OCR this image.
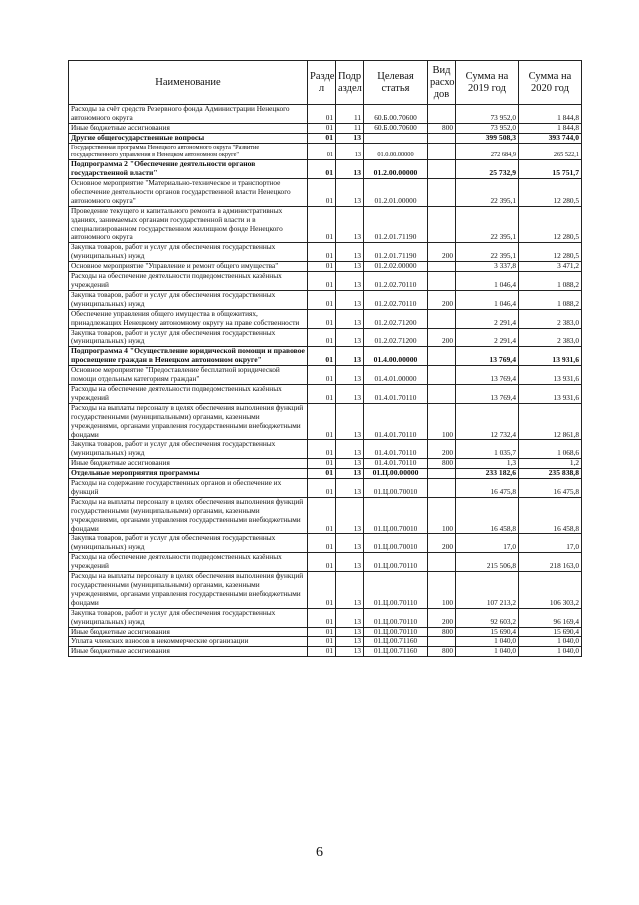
Наименование	Разде л	Подр аздел	Целевая статья	Вид расхо дов	Сумма на 2019 год	Сумма на 2020 год
Расходы за счёт средств Резервного фонда Администрации Ненецкого автономного округа	01	11	60.Б.00.70600		73 952,0	1 844,8
Иные бюджетные ассигнования	01	11	60.Б.00.70600	800	73 952,0	1 844,8
Другие общегосударственные вопросы	01	13			399 508,3	393 744,0
Государственная программа Ненецкого автономного округа "Развитие государственного управления в Ненецком автономном округе"	01	13	01.0.00.00000		272 684,9	265 522,1
Подпрограмма 2 "Обеспечение деятельности органов государственной власти"	01	13	01.2.00.00000		25 732,9	15 751,7
Основное мероприятие "Материально-техническое и транспортное обеспечение деятельности органов государственной власти Ненецкого автономного округа"	01	13	01.2.01.00000		22 395,1	12 280,5
Проведение текущего и капитального ремонта в административных зданиях, занимаемых органами государственной власти и в специализированном государственном жилищном фонде Ненецкого автономного округа	01	13	01.2.01.71190		22 395,1	12 280,5
Закупка товаров, работ и услуг для обеспечения государственных (муниципальных) нужд	01	13	01.2.01.71190	200	22 395,1	12 280,5
Основное мероприятие "Управление и ремонт общего имущества"	01	13	01.2.02.00000		3 337,8	3 471,2
Расходы на обеспечение деятельности подведомственных казённых учреждений	01	13	01.2.02.70110		1 046,4	1 088,2
Закупка товаров, работ и услуг для обеспечения государственных (муниципальных) нужд	01	13	01.2.02.70110	200	1 046,4	1 088,2
Обеспечение управления общего имущества в общежитиях, принадлежащих Ненецкому автономному округу на праве собственности	01	13	01.2.02.71200		2 291,4	2 383,0
Закупка товаров, работ и услуг для обеспечения государственных (муниципальных) нужд	01	13	01.2.02.71200	200	2 291,4	2 383,0
Подпрограмма 4 "Осуществление юридической помощи и правовое просвещение граждан в Ненецком автономном округе"	01	13	01.4.00.00000		13 769,4	13 931,6
Основное мероприятие "Предоставление бесплатной юридической помощи отдельным категориям граждан"	01	13	01.4.01.00000		13 769,4	13 931,6
Расходы на обеспечение деятельности подведомственных казённых учреждений	01	13	01.4.01.70110		13 769,4	13 931,6
Расходы на выплаты персоналу в целях обеспечения выполнения функций государственными (муниципальными) органами, казенными учреждениями, органами управления государственными внебюджетными фондами	01	13	01.4.01.70110	100	12 732,4	12 861,8
Закупка товаров, работ и услуг для обеспечения государственных (муниципальных) нужд	01	13	01.4.01.70110	200	1 035,7	1 068,6
Иные бюджетные ассигнования	01	13	01.4.01.70110	800	1,3	1,2
Отдельные мероприятия программы	01	13	01.Ц.00.00000		233 182,6	235 838,8
Расходы на содержание государственных органов и обеспечение их функций	01	13	01.Ц.00.70010		16 475,8	16 475,8
Расходы на выплаты персоналу в целях обеспечения выполнения функций государственными (муниципальными) органами, казенными учреждениями, органами управления государственными внебюджетными фондами	01	13	01.Ц.00.70010	100	16 458,8	16 458,8
Закупка товаров, работ и услуг для обеспечения государственных (муниципальных) нужд	01	13	01.Ц.00.70010	200	17,0	17,0
Расходы на обеспечение деятельности подведомственных казённых учреждений	01	13	01.Ц.00.70110		215 506,8	218 163,0
Расходы на выплаты персоналу в целях обеспечения выполнения функций государственными (муниципальными) органами, казенными учреждениями, органами управления государственными внебюджетными фондами	01	13	01.Ц.00.70110	100	107 213,2	106 303,2
Закупка товаров, работ и услуг для обеспечения государственных (муниципальных) нужд	01	13	01.Ц.00.70110	200	92 603,2	96 169,4
Иные бюджетные ассигнования	01	13	01.Ц.00.70110	800	15 690,4	15 690,4
Уплата членских взносов в некоммерческие организации	01	13	01.Ц.00.71160		1 040,0	1 040,0
Иные бюджетные ассигнования	01	13	01.Ц.00.71160	800	1 040,0	1 040,0
6
